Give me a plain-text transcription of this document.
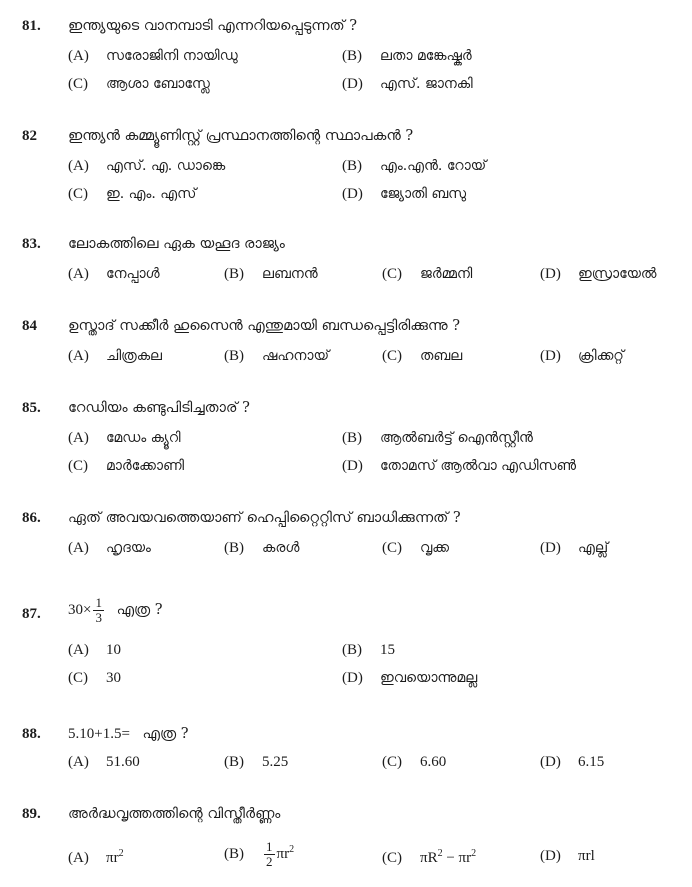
81. ഇന്ത്യയുടെ വാനമ്പാടി എന്നറിയപ്പെടുന്നത് ?
(A) സരോജിനി നായിഡു	(B) ലതാ മങ്കേഷ്കർ
(C) ആശാ ബോസ്ലേ	(D) എസ്. ജാനകി
82 ഇന്ത്യൻ കമ്മ്യൂണിസ്റ്റ് പ്രസ്ഥാനത്തിന്റെ സ്ഥാപകൻ ?
(A) എസ്. എ. ഡാങ്കെ	(B) എം.എൻ. റോയ്
(C) ഇ. എം. എസ്	(D) ജ്യോതി ബസു
83. ലോകത്തിലെ ഏക യഹൂദ രാജ്യം
(A) നേപ്പാൾ	(B) ലബനൻ	(C) ജർമ്മനി	(D) ഇസ്രായേൽ
84 ഉസ്താദ് സക്കീർ ഹുസൈൻ എന്തുമായി ബന്ധപ്പെട്ടിരിക്കുന്നു ?
(A) ചിത്രകല	(B) ഷഹനായ്	(C) തബല	(D) ക്രിക്കറ്റ്
85. റേഡിയം കണ്ടുപിടിച്ചതാര് ?
(A) മേഡം ക്യൂറി	(B) ആൽബർട്ട് ഐൻസ്റ്റീൻ
(C) മാർക്കോണി	(D) തോമസ് ആൽവാ എഡിസൺ
86. ഏത് അവയവത്തെയാണ് ഹെപ്പിറ്റൈറ്റിസ് ബാധിക്കുന്നത് ?
(A) ഹൃദയം	(B) കരൾ	(C) വൃക്ക	(D) എല്ല്
87. $30\times \frac{1}{3}$ എത്ര ?
(A) 10	(B) 15
(C) 30	(D) ഇവയൊന്നുമല്ല
88. 5.10+1.5= എത്ര ?
(A) 51.60	(B) 5.25	(C) 6.60	(D) 6.15
89. അർദ്ധവൃത്തത്തിന്റെ വിസ്തീർണ്ണം
(A) $\pi r^2$	$(B) \frac{1}{2} \pi r^2$
(C) $\pi R^2 - \pi r^2$	(D) πrl
